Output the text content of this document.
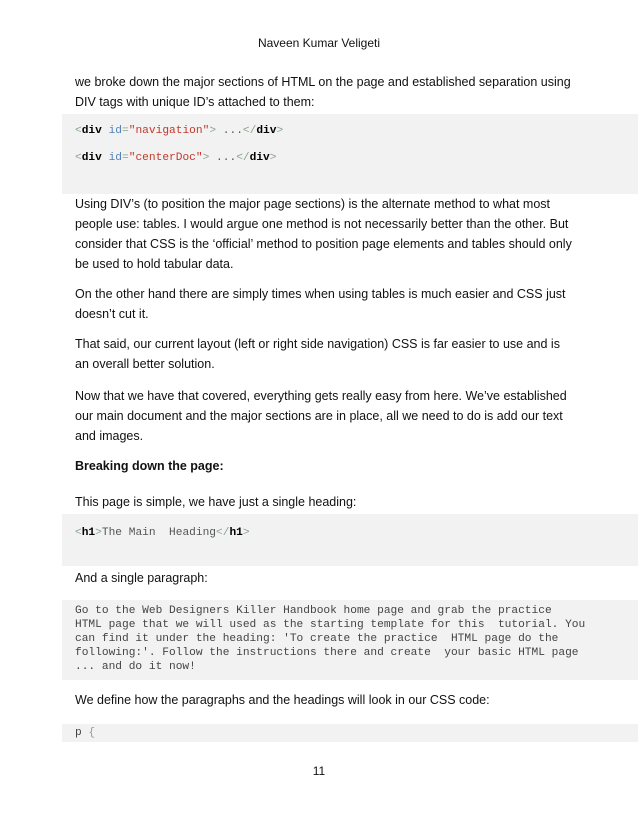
Naveen Kumar Veligeti
we broke down the major sections of HTML on the page and established separation using DIV tags with unique ID’s attached to them:
<div id="navigation"> ...</div>
<div id="centerDoc"> ...</div>
Using DIV’s (to position the major page sections) is the alternate method to what most people use: tables. I would argue one method is not necessarily better than the other. But consider that CSS is the ‘official’ method to position page elements and tables should only be used to hold tabular data.
On the other hand there are simply times when using tables is much easier and CSS just doesn’t cut it.
That said, our current layout (left or right side navigation) CSS is far easier to use and is an overall better solution.
Now that we have that covered, everything gets really easy from here. We’ve established our main document and the major sections are in place, all we need to do is add our text and images.
Breaking down the page:
This page is simple, we have just a single heading:
<h1>The Main  Heading</h1>
And a single paragraph:
Go to the Web Designers Killer Handbook home page and grab the practice
HTML page that we will used as the starting template for this  tutorial. You
can find it under the heading: 'To create the practice  HTML page do the
following:'. Follow the instructions there and create  your basic HTML page
... and do it now!
We define how the paragraphs and the headings will look in our CSS code:
p {
11
